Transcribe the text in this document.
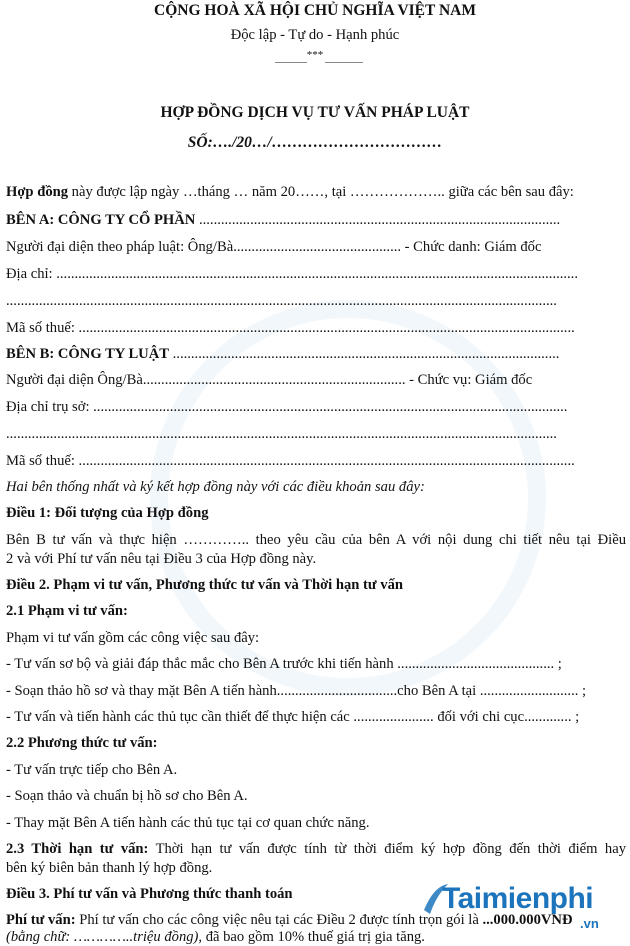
CỘNG HOÀ XÃ HỘI CHỦ NGHĨA VIỆT NAM
Độc lập - Tự do - Hạnh phúc
***
HỢP ĐỒNG DỊCH VỤ TƯ VẤN PHÁP LUẬT
SỐ:…./20…/……………………………
Hợp đồng này được lập ngày …tháng … năm 20……, tại ……………….. giữa các bên sau đây:
BÊN A: CÔNG TY CỔ PHẦN ...................................................................................................
Người đại diện theo pháp luật: Ông/Bà.............................................. - Chức danh: Giám đốc
Địa chỉ: ...............................................................................................................................................
.......................................................................................................................................................
Mã số thuế: ........................................................................................................................................
BÊN B: CÔNG TY LUẬT ..........................................................................................................
Người đại diện Ông/Bà........................................................................ - Chức vụ: Giám đốc
Địa chỉ trụ sở: ..................................................................................................................................
.......................................................................................................................................................
Mã số thuế: ........................................................................................................................................
Hai bên thống nhất và ký kết hợp đồng này với các điều khoản sau đây:
Điều 1: Đối tượng của Hợp đồng
Bên B tư vấn và thực hiện ………….. theo yêu cầu của bên A với nội dung chi tiết nêu tại Điều
2 và với Phí tư vấn nêu tại Điều 3 của Hợp đồng này.
Điều 2. Phạm vi tư vấn, Phương thức tư vấn và Thời hạn tư vấn
2.1 Phạm vi tư vấn:
Phạm vi tư vấn gồm các công việc sau đây:
- Tư vấn sơ bộ và giải đáp thắc mắc cho Bên A trước khi tiến hành ........................................... ;
- Soạn thảo hồ sơ và thay mặt Bên A tiến hành.................................cho Bên A tại ........................... ;
- Tư vấn và tiến hành các thủ tục cần thiết để thực hiện các ...................... đối với chi cục............. ;
2.2 Phương thức tư vấn:
- Tư vấn trực tiếp cho Bên A.
- Soạn thảo và chuẩn bị hồ sơ cho Bên A.
- Thay mặt Bên A tiến hành các thủ tục tại cơ quan chức năng.
2.3 Thời hạn tư vấn: Thời hạn tư vấn được tính từ thời điểm ký hợp đồng đến thời điểm hay
bên ký biên bản thanh lý hợp đồng.
Điều 3. Phí tư vấn và Phương thức thanh toán
Phí tư vấn: Phí tư vấn cho các công việc nêu tại các Điều 2 được tính trọn gói là ...000.000VNĐ
(bằng chữ: …………..triệu đồng), đã bao gồm 10% thuế giá trị gia tăng.
Taimienphi
.vn
